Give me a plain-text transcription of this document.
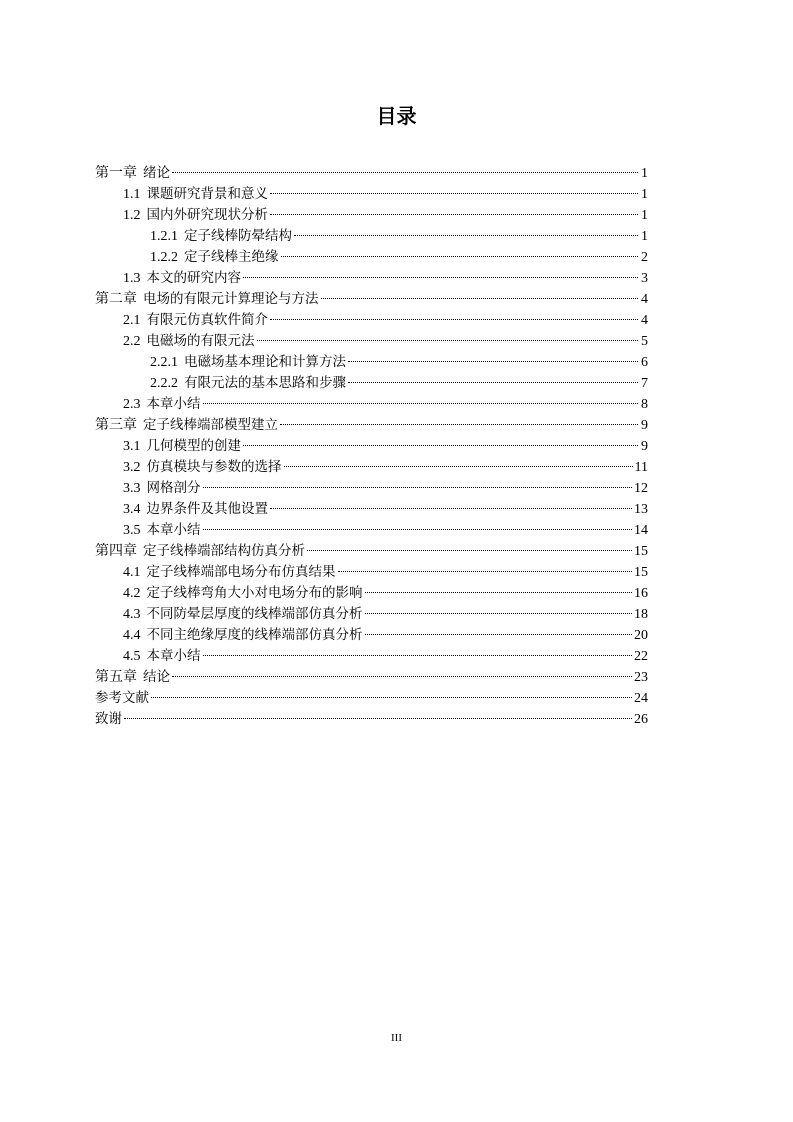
目录
第一章 绪论	1
1.1 课题研究背景和意义	1
1.2 国内外研究现状分析	1
1.2.1 定子线棒防晕结构	1
1.2.2 定子线棒主绝缘	2
1.3 本文的研究内容	3
第二章 电场的有限元计算理论与方法	4
2.1 有限元仿真软件简介	4
2.2 电磁场的有限元法	5
2.2.1 电磁场基本理论和计算方法	6
2.2.2 有限元法的基本思路和步骤	7
2.3 本章小结	8
第三章 定子线棒端部模型建立	9
3.1 几何模型的创建	9
3.2 仿真模块与参数的选择	11
3.3 网格剖分	12
3.4 边界条件及其他设置	13
3.5 本章小结	14
第四章 定子线棒端部结构仿真分析	15
4.1 定子线棒端部电场分布仿真结果	15
4.2 定子线棒弯角大小对电场分布的影响	16
4.3 不同防晕层厚度的线棒端部仿真分析	18
4.4 不同主绝缘厚度的线棒端部仿真分析	20
4.5 本章小结	22
第五章 结论	23
参考文献	24
致谢	26
III
